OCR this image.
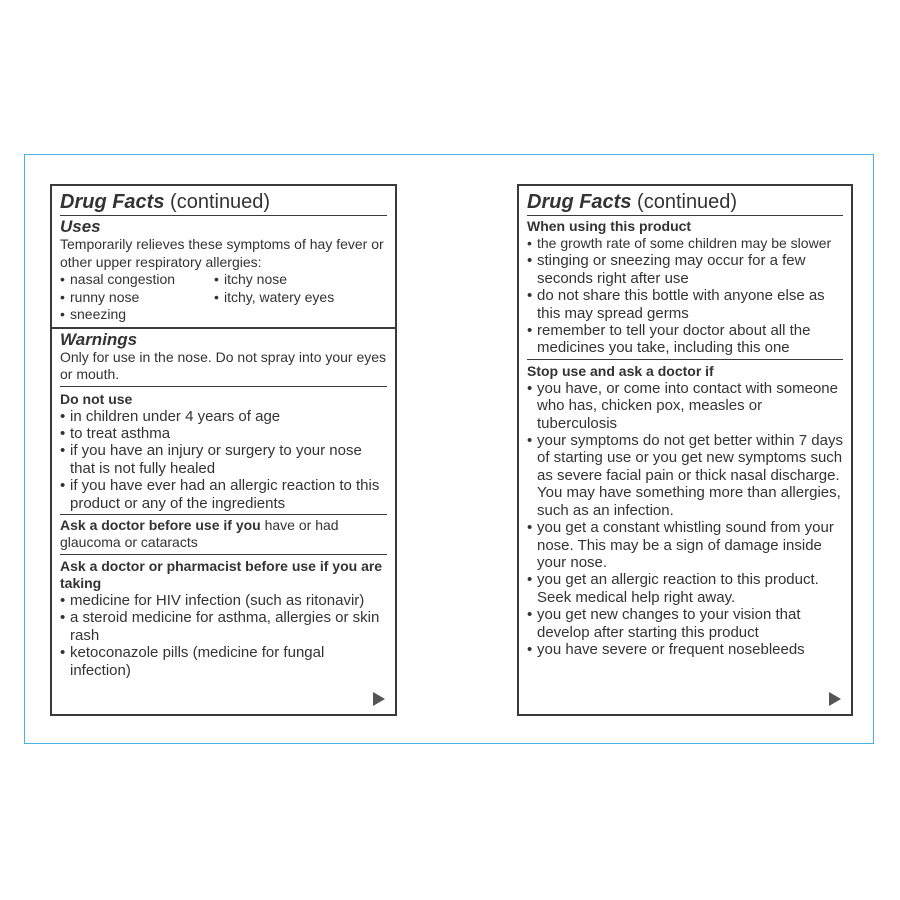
Drug Facts (continued)
Uses
Temporarily relieves these symptoms of hay fever or other upper respiratory allergies:
• nasal congestion	• itchy nose
• runny nose	• itchy, watery eyes
• sneezing
Warnings
Only for use in the nose. Do not spray into your eyes or mouth.
Do not use
• in children under 4 years of age
• to treat asthma
• if you have an injury or surgery to your nose that is not fully healed
• if you have ever had an allergic reaction to this product or any of the ingredients
Ask a doctor before use if you have or had glaucoma or cataracts
Ask a doctor or pharmacist before use if you are taking
• medicine for HIV infection (such as ritonavir)
• a steroid medicine for asthma, allergies or skin rash
• ketoconazole pills (medicine for fungal infection)
Drug Facts (continued)
When using this product
• the growth rate of some children may be slower
• stinging or sneezing may occur for a few seconds right after use
• do not share this bottle with anyone else as this may spread germs
• remember to tell your doctor about all the medicines you take, including this one
Stop use and ask a doctor if
• you have, or come into contact with someone who has, chicken pox, measles or tuberculosis
• your symptoms do not get better within 7 days of starting use or you get new symptoms such as severe facial pain or thick nasal discharge. You may have something more than allergies, such as an infection.
• you get a constant whistling sound from your nose. This may be a sign of damage inside your nose.
• you get an allergic reaction to this product. Seek medical help right away.
• you get new changes to your vision that develop after starting this product
• you have severe or frequent nosebleeds
